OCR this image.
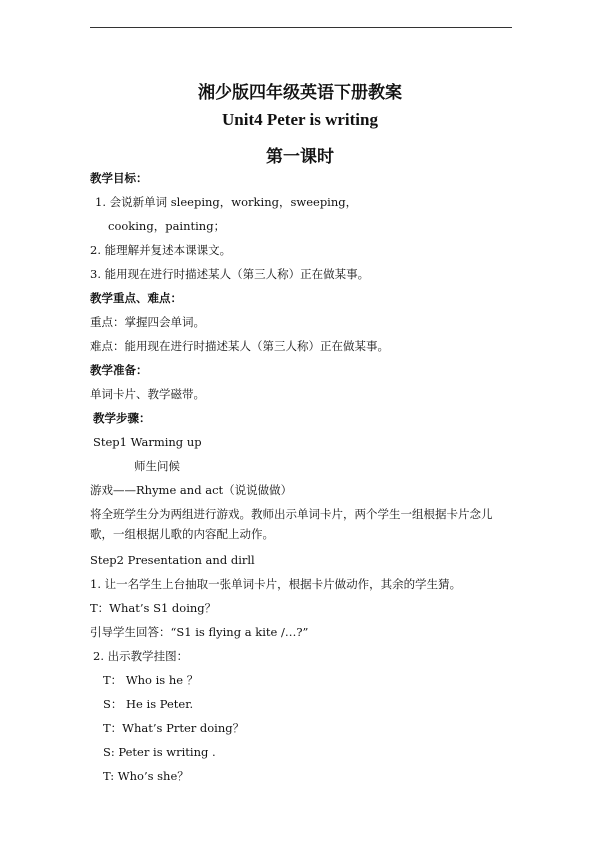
湘少版四年级英语下册教案
Unit4 Peter is writing
第一课时
教学目标：
1. 会说新单词 sleeping，working，sweeping，
cooking，painting；
2. 能理解并复述本课课文。
3. 能用现在进行时描述某人（第三人称）正在做某事。
教学重点、难点：
重点：掌握四会单词。
难点：能用现在进行时描述某人（第三人称）正在做某事。
教学准备：
单词卡片、教学磁带。
教学步骤：
Step1 Warming up
师生问候
游戏——Rhyme and act（说说做做）
将全班学生分为两组进行游戏。教师出示单词卡片，两个学生一组根据卡片念儿
歌，一组根据儿歌的内容配上动作。
Step2 Presentation and dirll
1. 让一名学生上台抽取一张单词卡片，根据卡片做动作，其余的学生猜。
T：What’s S1 doing？
引导学生回答：“S1 is flying a kite /…?”
2. 出示教学挂图：
T： Who is he ？
S： He is Peter.
T：What’s Prter doing？
S: Peter is writing .
T: Who’s she？
